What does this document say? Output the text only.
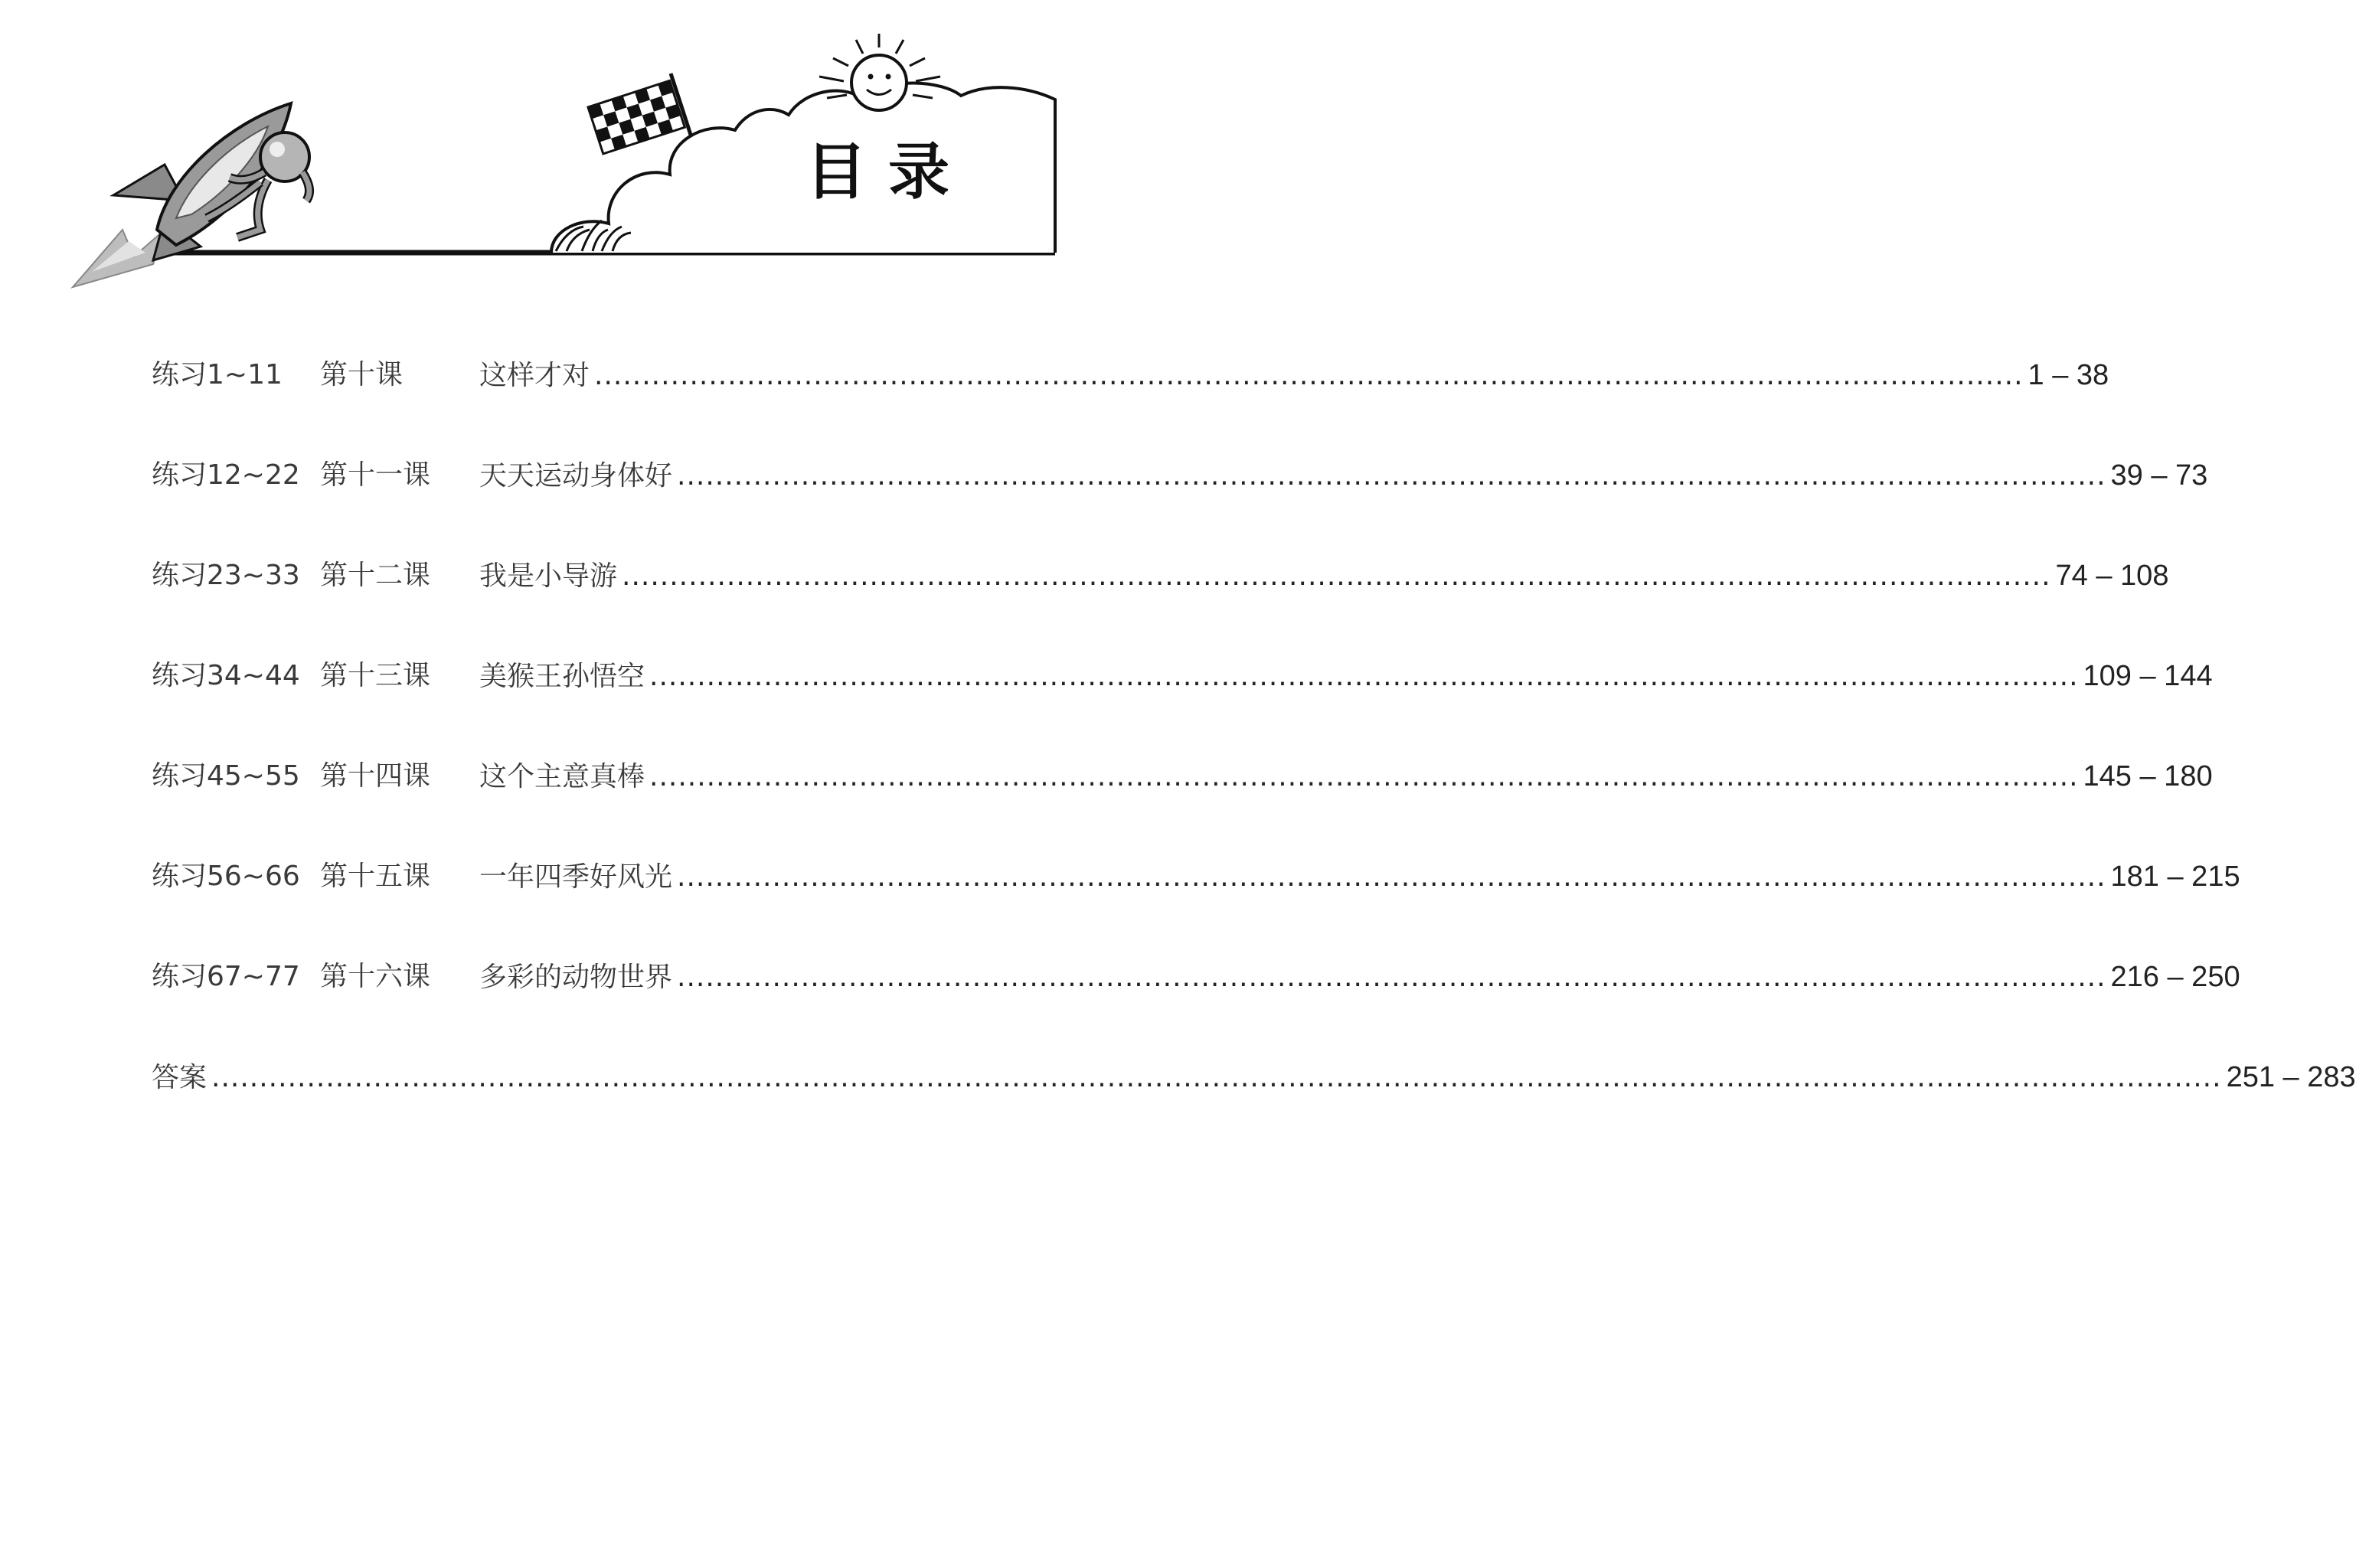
目录
练习1~11 第十课	这样才对 ...................................................................................................................................................... 1 – 38
练习12~22 第十一课 天天运动身体好 ...................................................................................................................................................... 39 – 73
练习23~33 第十二课 我是小导游 ...................................................................................................................................................... 74 – 108
练习34~44 第十三课 美猴王孙悟空 ...................................................................................................................................................... 109 – 144
练习45~55 第十四课 这个主意真棒 ...................................................................................................................................................... 145 – 180
练习56~66 第十五课 一年四季好风光 ...................................................................................................................................................... 181 – 215
练习67~77 第十六课 多彩的动物世界 ...................................................................................................................................................... 216 – 250
答案 ................................................................................................................................................................................................................... 251 – 283
